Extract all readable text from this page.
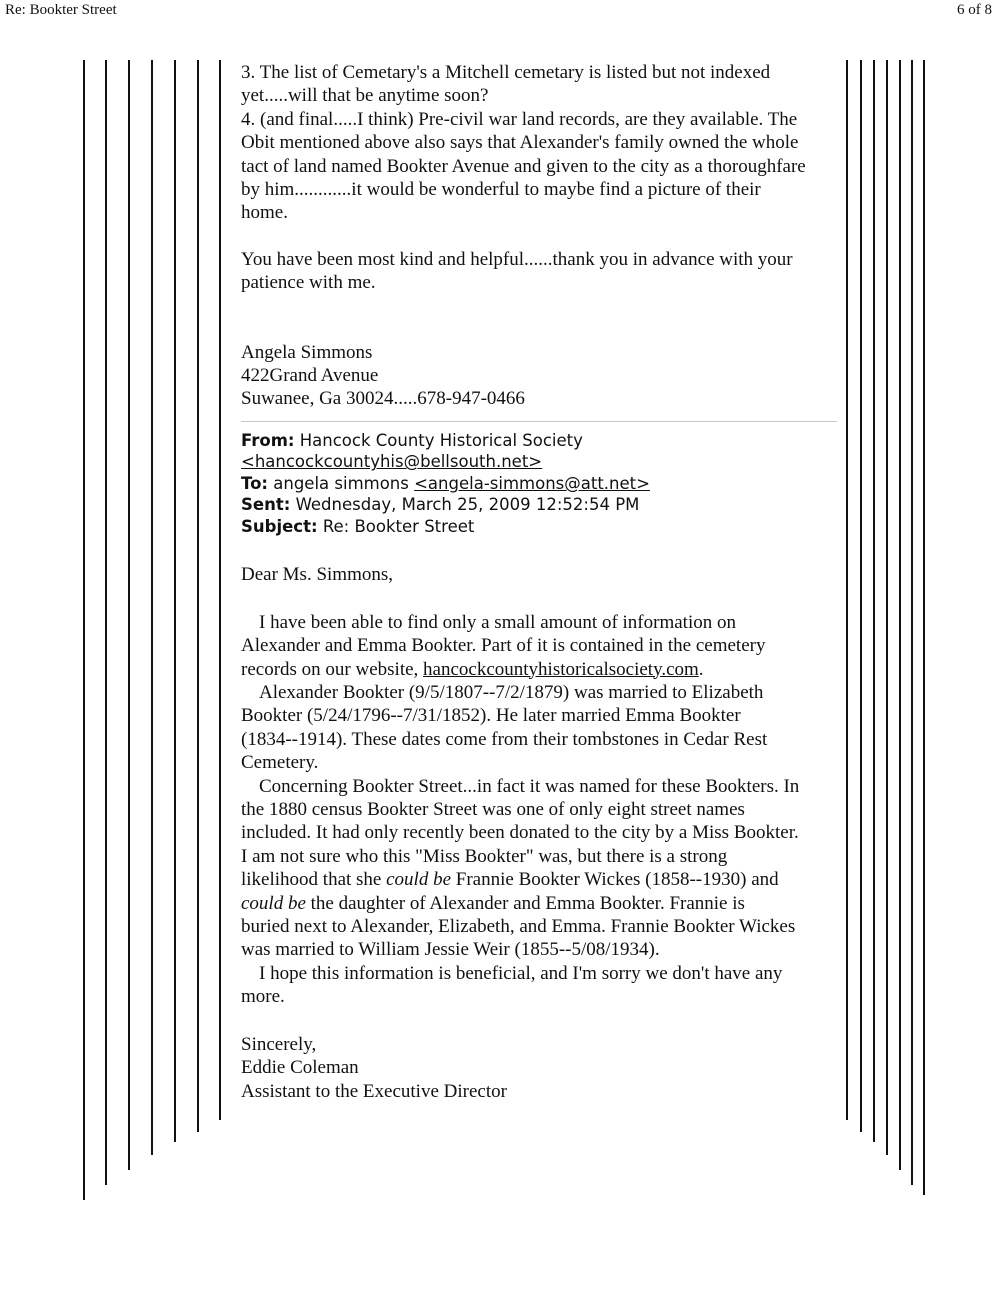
Re: Bookter Street	6 of 8

3. The list of Cemetary's a Mitchell cemetary is listed but not indexed

yet.....will that be anytime soon?

4. (and final.....I think) Pre-civil war land records, are they available. The

Obit mentioned above also says that Alexander's family owned the whole

tact of land named Bookter Avenue and given to the city as a thoroughfare

by him............it would be wonderful to maybe find a picture of their

home.

You have been most kind and helpful......thank you in advance with your

patience with me.

Angela Simmons

422Grand Avenue

Suwanee, Ga 30024.....678-947-0466

From: Hancock County Historical Society
<hancockcountyhis@bellsouth.net>
To: angela simmons <angela-simmons@att.net>
Sent: Wednesday, March 25, 2009 12:52:54 PM
Subject: Re: Bookter Street

Dear Ms. Simmons,

I have been able to find only a small amount of information on

Alexander and Emma Bookter. Part of it is contained in the cemetery

records on our website, hancockcountyhistoricalsociety.com.

Alexander Bookter (9/5/1807--7/2/1879) was married to Elizabeth

Bookter (5/24/1796--7/31/1852). He later married Emma Bookter

(1834--1914). These dates come from their tombstones in Cedar Rest

Cemetery.

Concerning Bookter Street...in fact it was named for these Bookters. In

the 1880 census Bookter Street was one of only eight street names

included. It had only recently been donated to the city by a Miss Bookter.

I am not sure who this "Miss Bookter" was, but there is a strong

likelihood that she could be Frannie Bookter Wickes (1858--1930) and

could be the daughter of Alexander and Emma Bookter. Frannie is

buried next to Alexander, Elizabeth, and Emma. Frannie Bookter Wickes

was married to William Jessie Weir (1855--5/08/1934).

I hope this information is beneficial, and I'm sorry we don't have any

more.

Sincerely,

Eddie Coleman

Assistant to the Executive Director
